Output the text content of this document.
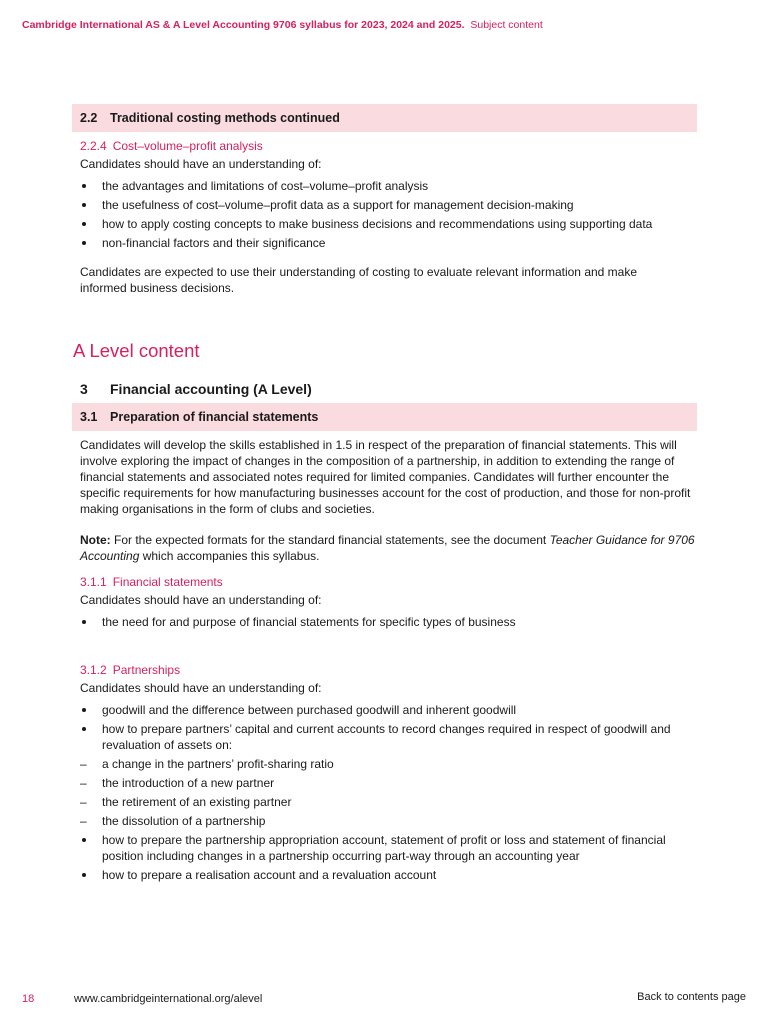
Cambridge International AS & A Level Accounting 9706 syllabus for 2023, 2024 and 2025. Subject content
2.2 Traditional costing methods continued
2.2.4 Cost–volume–profit analysis

Candidates should have an understanding of:

the advantages and limitations of cost–volume–profit analysis
the usefulness of cost–volume–profit data as a support for management decision-making
how to apply costing concepts to make business decisions and recommendations using supporting data
non-financial factors and their significance

Candidates are expected to use their understanding of costing to evaluate relevant information and make informed business decisions.

A Level content
3 Financial accounting (A Level)
3.1 Preparation of financial statements

Candidates will develop the skills established in 1.5 in respect of the preparation of financial statements. This will involve exploring the impact of changes in the composition of a partnership, in addition to extending the range of financial statements and associated notes required for limited companies. Candidates will further encounter the specific requirements for how manufacturing businesses account for the cost of production, and those for non-profit making organisations in the form of clubs and societies.

Note: For the expected formats for the standard financial statements, see the document Teacher Guidance for 9706 Accounting which accompanies this syllabus.

3.1.1 Financial statements

Candidates should have an understanding of:

the need for and purpose of financial statements for specific types of business
3.1.2 Partnerships

Candidates should have an understanding of:

goodwill and the difference between purchased goodwill and inherent goodwill
how to prepare partners’ capital and current accounts to record changes required in respect of goodwill and revaluation of assets on:
– a change in the partners’ profit-sharing ratio
– the introduction of a new partner
– the retirement of an existing partner
– the dissolution of a partnership
how to prepare the partnership appropriation account, statement of profit or loss and statement of financial position including changes in a partnership occurring part-way through an accounting year
how to prepare a realisation account and a revaluation account
18	www.cambridgeinternational.org/alevel	Back to contents page
